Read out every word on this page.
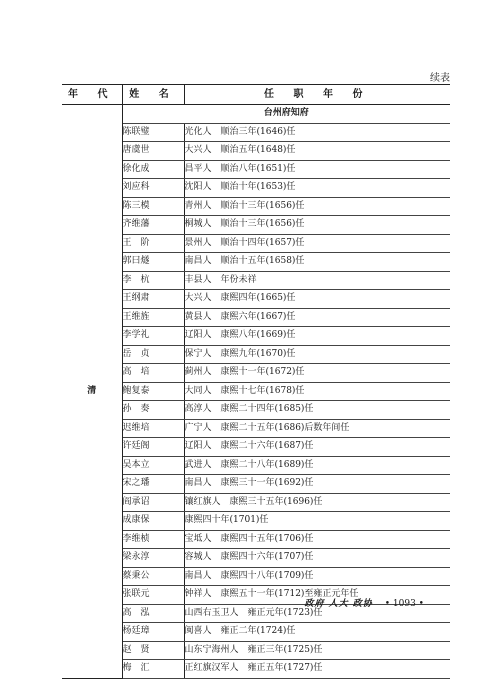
续表
年 代	姓 名	任 职 年 份
清	台州府知府	
	陈联璧	光化人　顺治三年(1646)任
	唐虞世	大兴人　顺治五年(1648)任
	徐化成	昌平人　顺治八年(1651)任
	刘应科	沈阳人　顺治十年(1653)任
	陈三模	青州人　顺治十三年(1656)任
	齐维藩	桐城人　顺治十三年(1656)任
	王　阶	景州人　顺治十四年(1657)任
	郭曰燧	南昌人　顺治十五年(1658)任
	李　杭	丰县人　年份未祥
	王纲肃	大兴人　康熙四年(1665)任
	王维旌	黄县人　康熙六年(1667)任
	李学礼	辽阳人　康熙八年(1669)任
	岳　贞	保宁人　康熙九年(1670)任
	高　培	蓟州人　康熙十一年(1672)任
	鲍复泰	大同人　康熙十七年(1678)任
	孙　奏	高淳人　康熙二十四年(1685)任
	迟维培	广宁人　康熙二十五年(1686)后数年间任
	许廷阁	辽阳人　康熙二十六年(1687)任
	吴本立	武进人　康熙二十八年(1689)任
	宋之璠	南昌人　康熙三十一年(1692)任
	阎承诏	镶红旗人　康熙三十五年(1696)任
	成康保	康熙四十年(1701)任
	李维桢	宝坻人　康熙四十五年(1706)任
	梁永淳	容城人　康熙四十六年(1707)任
	蔡秉公	南昌人　康熙四十八年(1709)任
	张联元	钟祥人　康熙五十一年(1712)至雍正元年任
	高　泓	山西右玉卫人　雍正元年(1723)任
	杨廷璋	闽喜人　雍正二年(1724)任
	赵　贤	山东宁海州人　雍正三年(1725)任
	梅　汇	正红旗汉军人　雍正五年(1727)任
政府 人大 政协 • 1093 •
